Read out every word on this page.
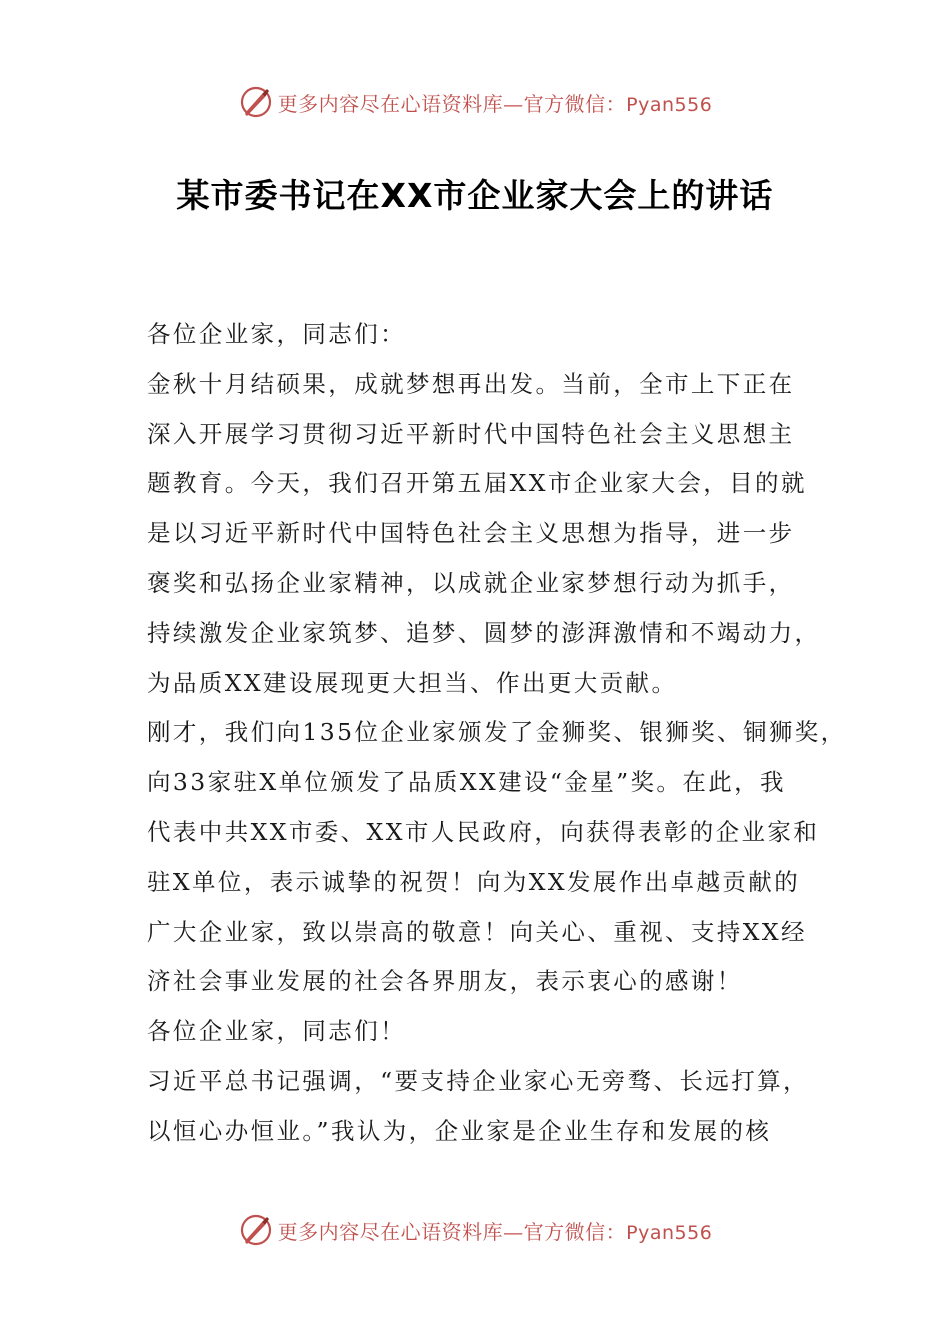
更多内容尽在心语资料库—官方微信：Pyan556
某市委书记在XX市企业家大会上的讲话
各位企业家，同志们：
金秋十月结硕果，成就梦想再出发。当前，全市上下正在
深入开展学习贯彻习近平新时代中国特色社会主义思想主
题教育。今天，我们召开第五届XX市企业家大会，目的就
是以习近平新时代中国特色社会主义思想为指导，进一步
褒奖和弘扬企业家精神，以成就企业家梦想行动为抓手，
持续激发企业家筑梦、追梦、圆梦的澎湃激情和不竭动力，
为品质XX建设展现更大担当、作出更大贡献。
刚才，我们向135位企业家颁发了金狮奖、银狮奖、铜狮奖，
向33家驻X单位颁发了品质XX建设“金星”奖。在此，我
代表中共XX市委、XX市人民政府，向获得表彰的企业家和
驻X单位，表示诚挚的祝贺！向为XX发展作出卓越贡献的
广大企业家，致以崇高的敬意！向关心、重视、支持XX经
济社会事业发展的社会各界朋友，表示衷心的感谢！
各位企业家，同志们！
习近平总书记强调，“要支持企业家心无旁骛、长远打算，
以恒心办恒业。”我认为，企业家是企业生存和发展的核
更多内容尽在心语资料库—官方微信：Pyan556
